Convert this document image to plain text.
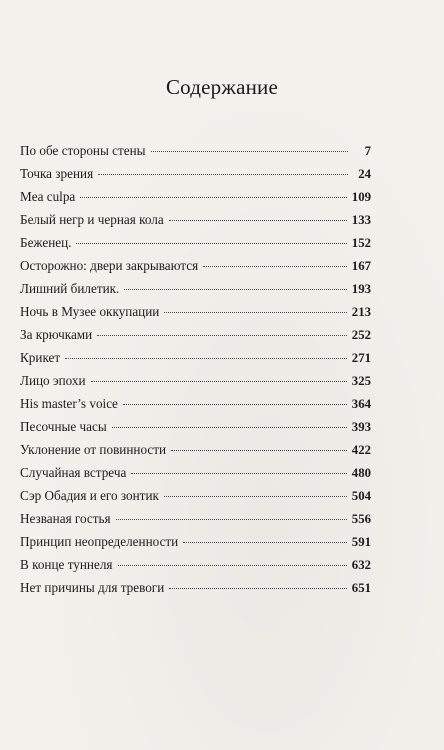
Содержание
По обе стороны стены	7
Точка зрения	24
Mea culpa	109
Белый негр и черная кола	133
Беженец.	152
Осторожно: двери закрываются	167
Лишний билетик.	193
Ночь в Музее оккупации	213
За крючками	252
Крикет	271
Лицо эпохи	325
His master’s voice	364
Песочные часы	393
Уклонение от повинности	422
Случайная встреча	480
Сэр Обадия и его зонтик	504
Незваная гостья	556
Принцип неопределенности	591
В конце туннеля	632
Нет причины для тревоги	651
